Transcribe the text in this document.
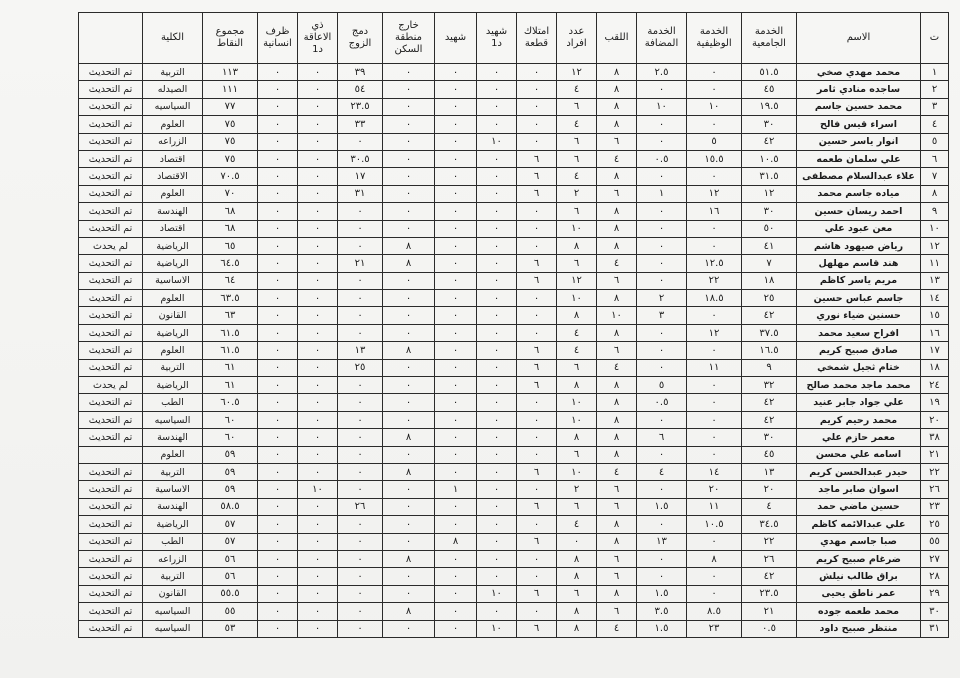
ت	الاسم	الخدمة الجامعية	الخدمة الوظيفية	الخدمة المضافة	اللقب	عدد افراد	امتلاك قطعة	شهيد د1	شهيد	خارج منطقة السكن	دمج الزوج	ذي الاعاقة د1	ظرف انسانية	مجموع النقاط	الكلية	
١	محمد مهدي صخي	٥١.٥	٠	٢.٥	٨	١٢	٠	٠	٠	٠	٣٩	٠	٠	١١٣	التربية	تم التحديث
٢	ساجده منادي ثامر	٤٥	٠	٠	٨	٤	٠	٠	٠	٠	٥٤	٠	٠	١١١	الصيدله	تم التحديث
٣	محمد حسين جاسم	١٩.٥	١٠	١٠	٨	٦	٠	٠	٠	٠	٢٣.٥	٠	٠	٧٧	السياسيه	تم التحديث
٤	اسراء قيس فالح	٣٠	٠	٠	٨	٤	٠	٠	٠	٠	٣٣	٠	٠	٧٥	العلوم	تم التحديث
٥	انوار ياسر حسين	٤٢	٥	٠	٦	٦	٠	١٠	٠	٠	٠	٠	٠	٧٥	الزراعه	تم التحديث
٦	علي سلمان طعمه	١٠.٥	١٥.٥	٠.٥	٤	٦	٦	٠	٠	٠	٣٠.٥	٠	٠	٧٥	اقتصاد	تم التحديث
٧	علاء عبدالسلام مصطفى	٣١.٥	٠	٠	٨	٤	٦	٠	٠	٠	١٧	٠	٠	٧٠.٥	الاقتصاد	تم التحديث
٨	مياده جاسم محمد	١٢	١٢	١	٦	٢	٦	٠	٠	٠	٣١	٠	٠	٧٠	العلوم	تم التحديث
٩	احمد ريسان حسين	٣٠	١٦	٠	٨	٦	٠	٠	٠	٠	٠	٠	٠	٦٨	الهندسة	تم التحديث
١٠	معن عبود علي	٥٠	٠	٠	٨	١٠	٠	٠	٠	٠	٠	٠	٠	٦٨	اقتصاد	تم التحديث
١٢	رياض صيهود هاشم	٤١	٠	٠	٨	٨	٠	٠	٠	٨	٠	٠	٠	٦٥	الرياضية	لم يحدث
١١	هند قاسم مهلهل	٧	١٢.٥	٠	٤	٦	٦	٠	٠	٨	٢١	٠	٠	٦٤.٥	الرياضية	تم التحديث
١٣	مريم ياسر كاظم	١٨	٢٢	٠	٦	١٢	٦	٠	٠	٠	٠	٠	٠	٦٤	الاساسية	تم التحديث
١٤	جاسم عباس حسين	٢٥	١٨.٥	٢	٨	١٠	٠	٠	٠	٠	٠	٠	٠	٦٣.٥	العلوم	تم التحديث
١٥	حسنين ضياء نوري	٤٢	٠	٣	١٠	٨	٠	٠	٠	٠	٠	٠	٠	٦٣	القانون	تم التحديث
١٦	افراح سعيد محمد	٣٧.٥	١٢	٠	٨	٤	٠	٠	٠	٠	٠	٠	٠	٦١.٥	الرياضية	تم التحديث
١٧	صادق صبيح كريم	١٦.٥	٠	٠	٦	٤	٦	٠	٠	٨	١٣	٠	٠	٦١.٥	العلوم	تم التحديث
١٨	ختام ثجيل شمخي	٩	١١	٠	٤	٦	٦	٠	٠	٠	٢٥	٠	٠	٦١	التربية	تم التحديث
٢٤	محمد ماجد محمد صالح	٣٢	٠	٥	٨	٨	٦	٠	٠	٠	٠	٠	٠	٦١	الرياضية	لم يحدث
١٩	علي جواد جابر عنيد	٤٢	٠	٠.٥	٨	١٠	٠	٠	٠	٠	٠	٠	٠	٦٠.٥	الطب	تم التحديث
٢٠	محمد رحيم كريم	٤٢	٠	٠	٨	١٠	٠	٠	٠	٠	٠	٠	٠	٦٠	السياسيه	تم التحديث
٣٨	معمر حازم علي	٣٠	٠	٦	٨	٨	٠	٠	٠	٨	٠	٠	٠	٦٠	الهندسة	تم التحديث
٢١	اسامه علي محسن	٤٥	٠	٠	٨	٦	٠	٠	٠	٠	٠	٠	٠	٥٩	العلوم	
٢٢	حيدر عبدالحسن كريم	١٣	١٤	٤	٤	١٠	٦	٠	٠	٨	٠	٠	٠	٥٩	التربية	تم التحديث
٢٦	اسوان صابر ماجد	٢٠	٢٠	٠	٦	٢	٠	٠	١	٠	٠	١٠	٠	٥٩	الاساسية	تم التحديث
٢٣	حسين ماضي حمد	٤	١١	١.٥	٦	٦	٦	٠	٠	٠	٢٦	٠	٠	٥٨.٥	الهندسة	تم التحديث
٢٥	علي عبدالائمه كاظم	٣٤.٥	١٠.٥	٠	٨	٤	٠	٠	٠	٠	٠	٠	٠	٥٧	الرياضية	تم التحديث
٥٥	صبا جاسم مهدي	٢٢	٠	١٣	٨	٠	٦	٠	٨	٠	٠	٠	٠	٥٧	الطب	تم التحديث
٢٧	ضرغام صبيح كريم	٢٦	٨	٠	٦	٨	٠	٠	٠	٨	٠	٠	٠	٥٦	الزراعه	تم التحديث
٢٨	براق طالب نيلش	٤٢	٠	٠	٦	٨	٠	٠	٠	٠	٠	٠	٠	٥٦	التربية	تم التحديث
٢٩	عمر ناطق يحيى	٢٣.٥	٠	١.٥	٨	٦	٦	١٠	٠	٠	٠	٠	٠	٥٥.٥	القانون	تم التحديث
٣٠	محمد طعمه جوده	٢١	٨.٥	٣.٥	٦	٨	٠	٠	٠	٨	٠	٠	٠	٥٥	السياسيه	تم التحديث
٣١	منتظر صبيح داود	٠.٥	٢٣	١.٥	٤	٨	٦	١٠	٠	٠	٠	٠	٠	٥٣	السياسيه	تم التحديث
